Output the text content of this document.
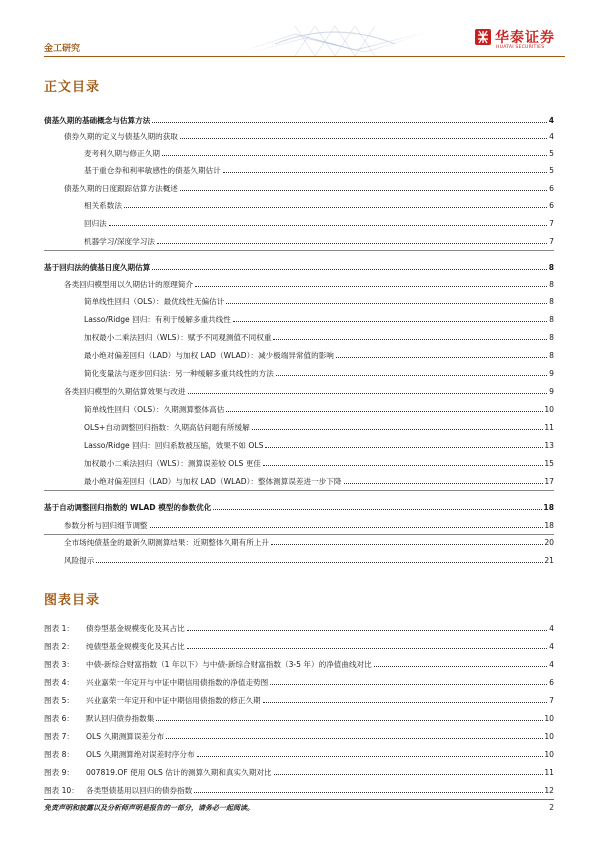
金工研究
华泰证券
HUATAI SECURITIES
正文目录
债基久期的基础概念与估算方法	4
债券久期的定义与债基久期的获取	4
麦考利久期与修正久期	5
基于重仓券和利率敏感性的债基久期估计	5
债基久期的日度跟踪估算方法概述	6
相关系数法	6
回归法	7
机器学习/深度学习法	7
基于回归法的债基日度久期估算	8
各类回归模型用以久期估计的原理简介	8
简单线性回归（OLS）：最优线性无偏估计	8
Lasso/Ridge 回归：有利于缓解多重共线性	8
加权最小二乘法回归（WLS）：赋予不同观测值不同权重	8
最小绝对偏差回归（LAD）与加权 LAD（WLAD）：减少极端异常值的影响	8
简化变量法与逐步回归法：另一种缓解多重共线性的方法	9
各类回归模型的久期估算效果与改进	9
简单线性回归（OLS）：久期测算整体高估	10
OLS+自动调整回归指数：久期高估问题有所缓解	11
Lasso/Ridge 回归：回归系数被压缩，效果不如 OLS	13
加权最小二乘法回归（WLS）：测算误差较 OLS 更佳	15
最小绝对偏差回归（LAD）与加权 LAD（WLAD）：整体测算误差进一步下降	17
基于自动调整回归指数的 WLAD 模型的参数优化	18
参数分析与回归细节调整	18
全市场纯债基金的最新久期测算结果：近期整体久期有所上升	20
风险提示	21
图表目录
图表 1：	债券型基金规模变化及其占比	4
图表 2：	纯债型基金规模变化及其占比	4
图表 3：	中债-新综合财富指数（1 年以下）与中债-新综合财富指数（3-5 年）的净值曲线对比	4
图表 4：	兴业嘉荣一年定开与中证中期信用债指数的净值走势图	6
图表 5：	兴业嘉荣一年定开和中证中期信用债指数的修正久期	7
图表 6：	默认回归债券指数集	10
图表 7：	OLS 久期测算误差分布	10
图表 8：	OLS 久期测算绝对误差时序分布	10
图表 9：	007819.OF 使用 OLS 估计的测算久期和真实久期对比	11
图表 10： 各类型债基用以回归的债券指数	12
免责声明和披露以及分析师声明是报告的一部分，请务必一起阅读。	2
